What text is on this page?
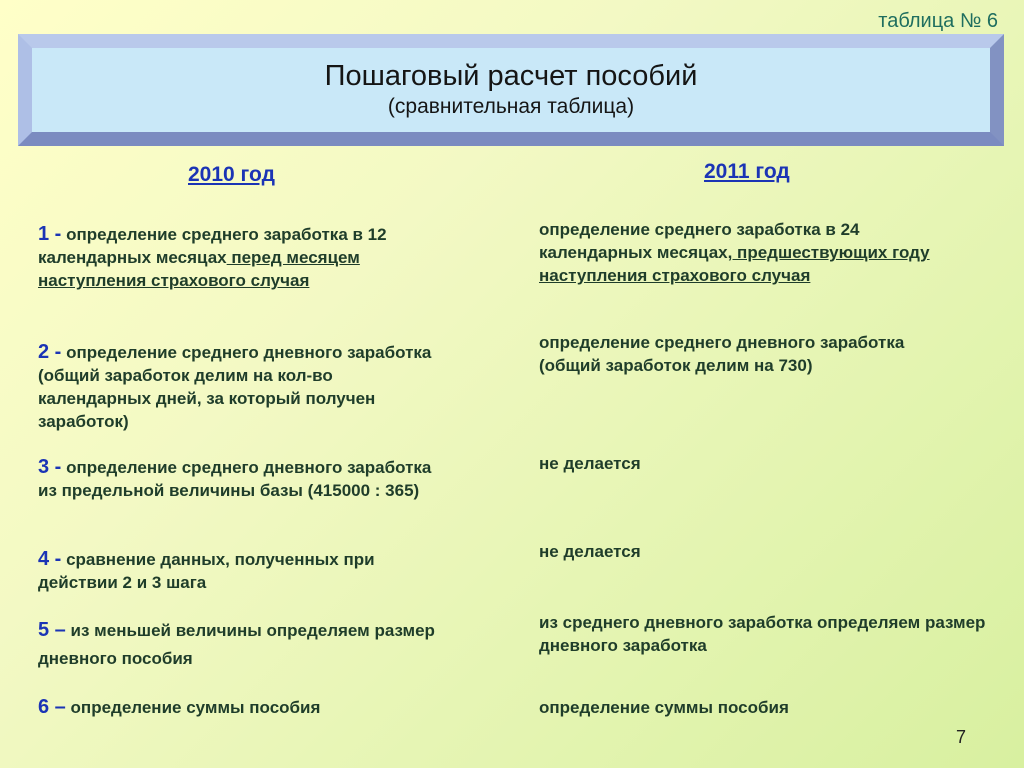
таблица № 6
Пошаговый расчет пособий
(сравнительная таблица)
2010 год	2011 год
1 - определение среднего заработка в 12 календарных месяцах перед месяцем наступления страхового случая
2 - определение среднего дневного заработка (общий заработок делим на кол-во календарных дней, за который получен заработок)
3 - определение среднего дневного заработка из предельной величины базы (415000 : 365)
4 - сравнение данных, полученных при действии 2 и 3 шага
5 – из меньшей величины определяем размер дневного пособия
6 – определение суммы пособия
определение среднего заработка в 24 календарных месяцах, предшествующих году наступления страхового случая
определение среднего дневного заработка (общий заработок делим на 730)
не делается
не делается
из среднего дневного заработка определяем размер дневного заработка
определение суммы пособия
7
